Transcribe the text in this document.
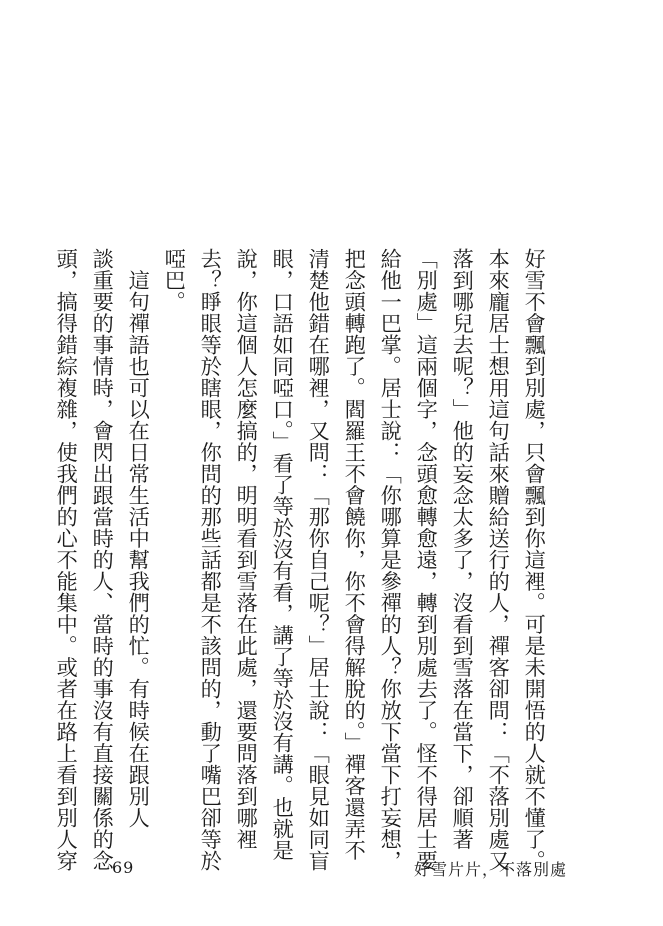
好雪不會飄到別處，只會飄到你這裡。可是未開悟的人就不懂了。
本來龐居士想用這句話來贈給送行的人，禪客卻問：「不落別處又
落到哪兒去呢？」他的妄念太多了，沒看到雪落在當下，卻順著
「別處」這兩個字，念頭愈轉愈遠，轉到別處去了。怪不得居士要
給他一巴掌。居士說：「你哪算是參禪的人？你放下當下打妄想，
把念頭轉跑了。閻羅王不會饒你，你不會得解脫的。」禪客還弄不
清楚他錯在哪裡，又問：「那你自己呢？」居士說：「眼見如同盲
眼，口語如同啞口。」看了等於沒有看，講了等於沒有講。也就是
說，你這個人怎麼搞的，明明看到雪落在此處，還要問落到哪裡
去？睜眼等於瞎眼，你問的那些話都是不該問的，動了嘴巴卻等於
啞巴。
　這句禪語也可以在日常生活中幫我們的忙。有時候在跟別人
談重要的事情時，會閃出跟當時的人、當時的事沒有直接關係的念
頭，搞得錯綜複雜，使我們的心不能集中。或者在路上看到別人穿 69	好雪片片，不落別處
